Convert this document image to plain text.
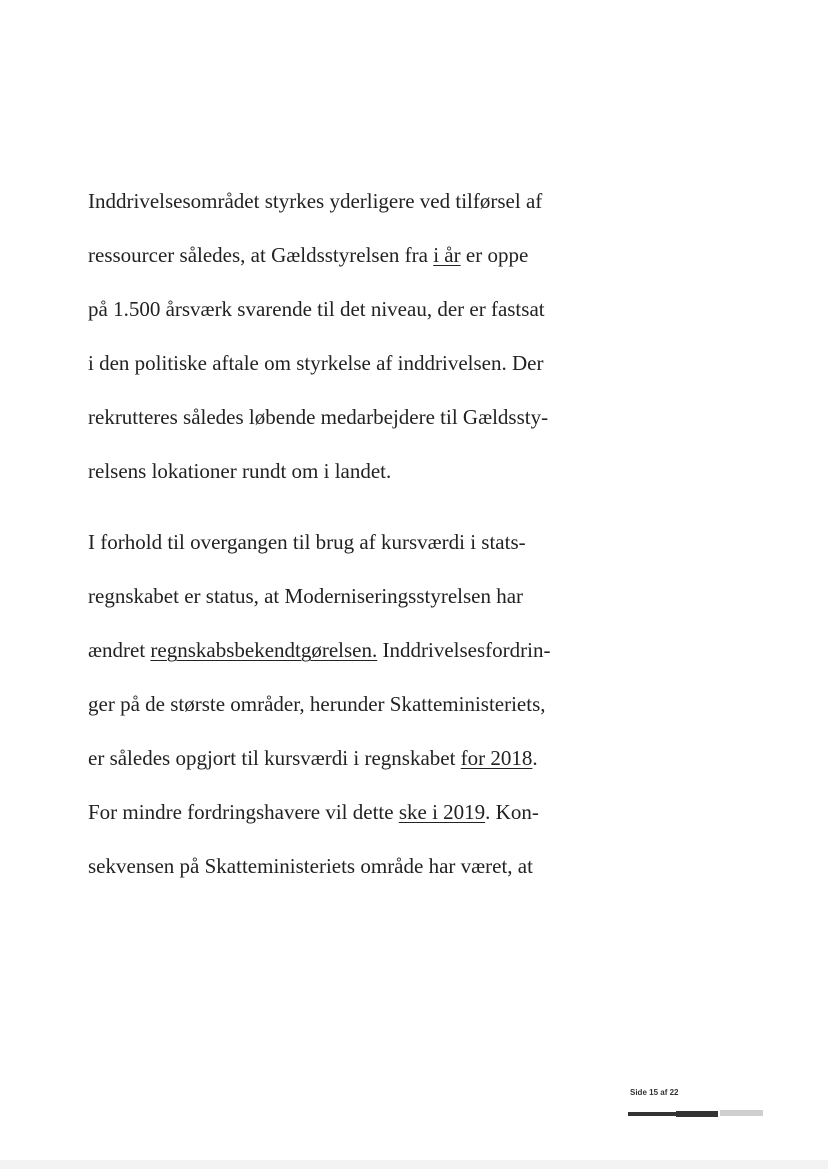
Inddrivelsesområdet styrkes yderligere ved tilførsel af
ressourcer således, at Gældsstyrelsen fra i år er oppe
på 1.500 årsværk svarende til det niveau, der er fastsat
i den politiske aftale om styrkelse af inddrivelsen. Der
rekrutteres således løbende medarbejdere til Gældssty-
relsens lokationer rundt om i landet.
I forhold til overgangen til brug af kursværdi i stats-
regnskabet er status, at Moderniseringsstyrelsen har
ændret regnskabsbekendtgørelsen. Inddrivelsesfordrin-
ger på de største områder, herunder Skatteministeriets,
er således opgjort til kursværdi i regnskabet for 2018.
For mindre fordringshavere vil dette ske i 2019. Kon-
sekvensen på Skatteministeriets område har været, at
Side 15 af 22
